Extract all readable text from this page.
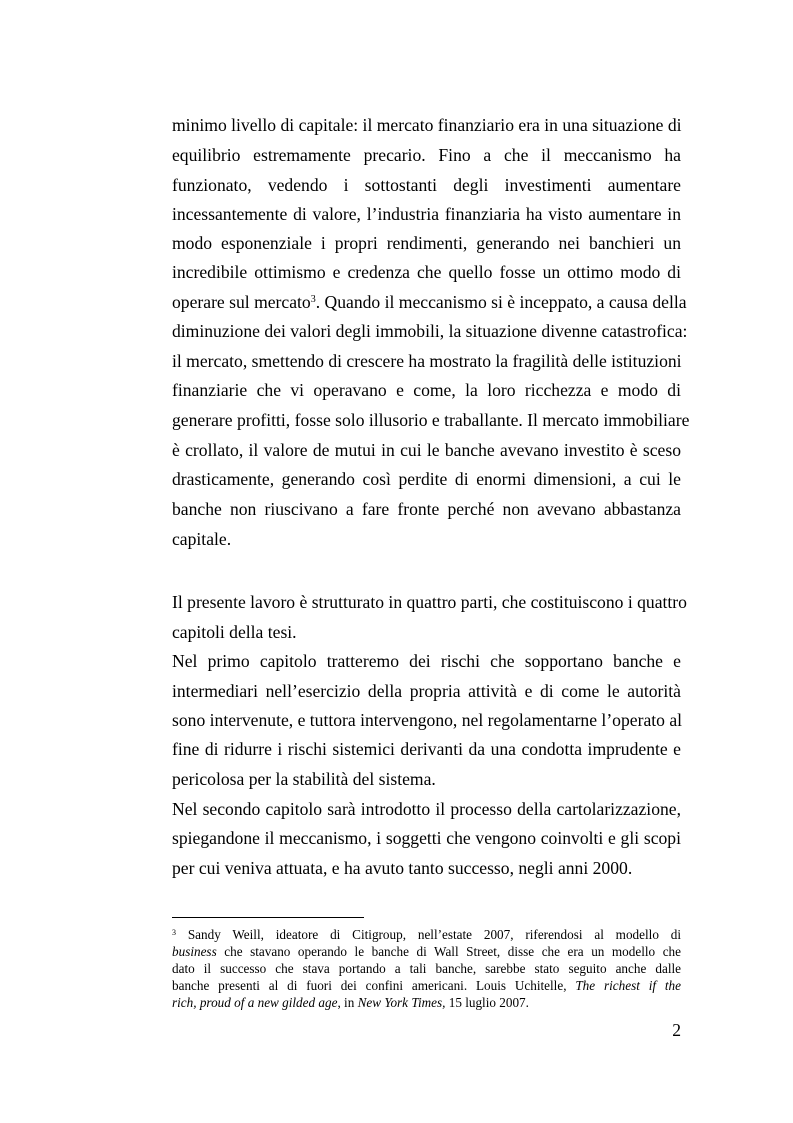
minimo livello di capitale: il mercato finanziario era in una situazione di
equilibrio estremamente precario. Fino a che il meccanismo ha
funzionato, vedendo i sottostanti degli investimenti aumentare
incessantemente di valore, l’industria finanziaria ha visto aumentare in
modo esponenziale i propri rendimenti, generando nei banchieri un
incredibile ottimismo e credenza che quello fosse un ottimo modo di
operare sul mercato$^3$. Quando il meccanismo si è inceppato, a causa della
diminuzione dei valori degli immobili, la situazione divenne catastrofica:
il mercato, smettendo di crescere ha mostrato la fragilità delle istituzioni
finanziarie che vi operavano e come, la loro ricchezza e modo di
generare profitti, fosse solo illusorio e traballante. Il mercato immobiliare
è crollato, il valore de mutui in cui le banche avevano investito è sceso
drasticamente, generando così perdite di enormi dimensioni, a cui le
banche non riuscivano a fare fronte perché non avevano abbastanza
capitale.
Il presente lavoro è strutturato in quattro parti, che costituiscono i quattro
capitoli della tesi.
Nel primo capitolo tratteremo dei rischi che sopportano banche e
intermediari nell’esercizio della propria attività e di come le autorità
sono intervenute, e tuttora intervengono, nel regolamentarne l’operato al
fine di ridurre i rischi sistemici derivanti da una condotta imprudente e
pericolosa per la stabilità del sistema.
Nel secondo capitolo sarà introdotto il processo della cartolarizzazione,
spiegandone il meccanismo, i soggetti che vengono coinvolti e gli scopi
per cui veniva attuata, e ha avuto tanto successo, negli anni 2000.
$^3$ Sandy Weill, ideatore di Citigroup, nell’estate 2007, riferendosi al modello di
business che stavano operando le banche di Wall Street, disse che era un modello che
dato il successo che stava portando a tali banche, sarebbe stato seguito anche dalle
banche presenti al di fuori dei confini americani. Louis Uchitelle, The richest if the
rich, proud of a new gilded age, in New York Times, 15 luglio 2007.
2
